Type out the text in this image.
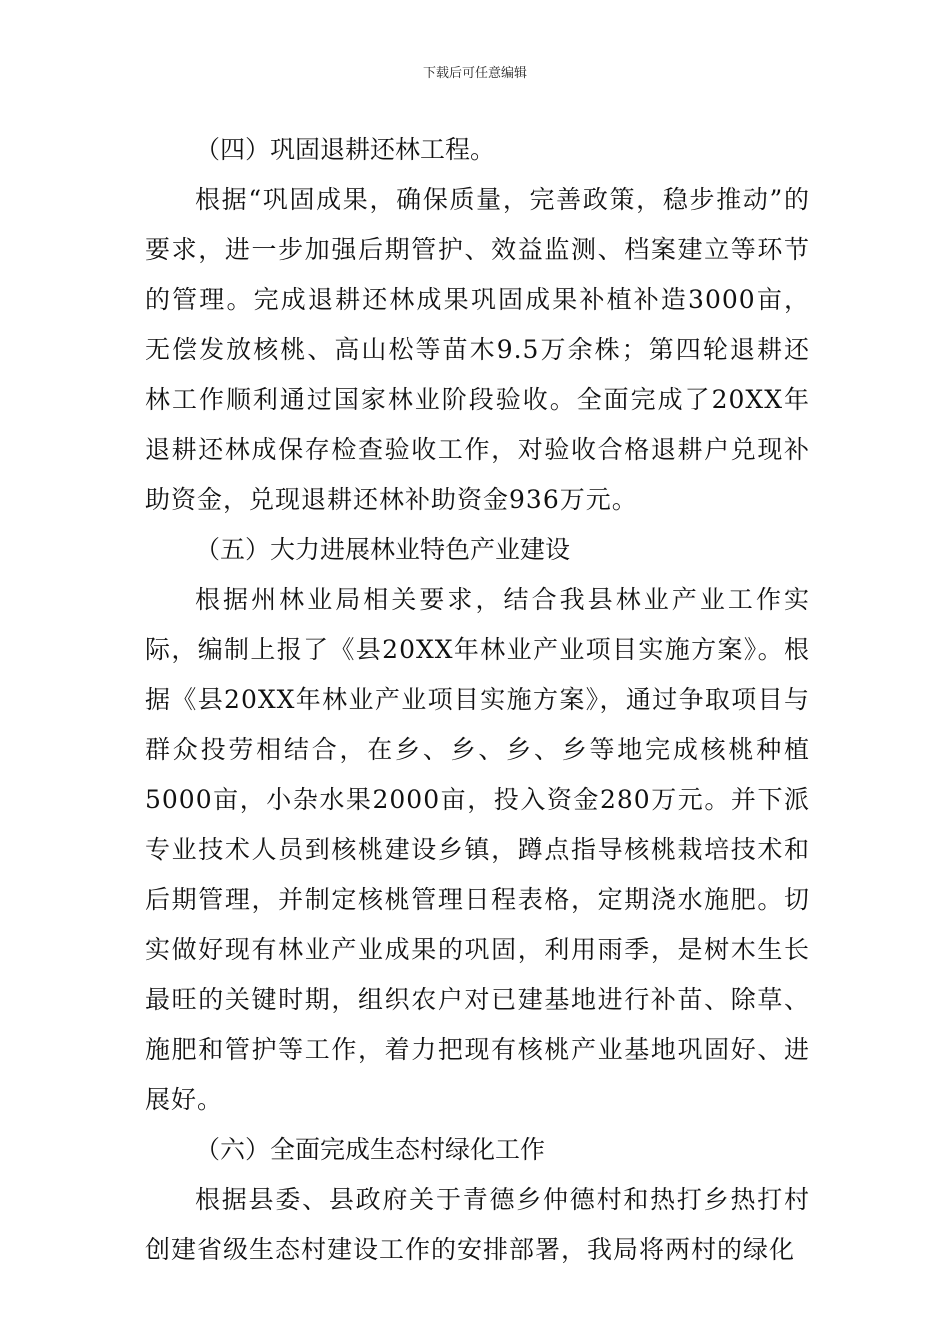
下载后可任意编辑

（四）巩固退耕还林工程。

根据“巩固成果，确保质量，完善政策，稳步推动”的要求，进一步加强后期管护、效益监测、档案建立等环节的管理。完成退耕还林成果巩固成果补植补造3000亩，无偿发放核桃、高山松等苗木9.5万余株；第四轮退耕还林工作顺利通过国家林业阶段验收。全面完成了20XX年退耕还林成保存检查验收工作，对验收合格退耕户兑现补助资金，兑现退耕还林补助资金936万元。

（五）大力进展林业特色产业建设

根据州林业局相关要求，结合我县林业产业工作实际，编制上报了《县20XX年林业产业项目实施方案》。根据《县20XX年林业产业项目实施方案》，通过争取项目与群众投劳相结合，在乡、乡、乡、乡等地完成核桃种植5000亩，小杂水果2000亩，投入资金280万元。并下派专业技术人员到核桃建设乡镇，蹲点指导核桃栽培技术和后期管理，并制定核桃管理日程表格，定期浇水施肥。切实做好现有林业产业成果的巩固，利用雨季，是树木生长最旺的关键时期，组织农户对已建基地进行补苗、除草、施肥和管护等工作，着力把现有核桃产业基地巩固好、进展好。

（六）全面完成生态村绿化工作

根据县委、县政府关于青德乡仲德村和热打乡热打村创建省级生态村建设工作的安排部署，我局将两村的绿化
